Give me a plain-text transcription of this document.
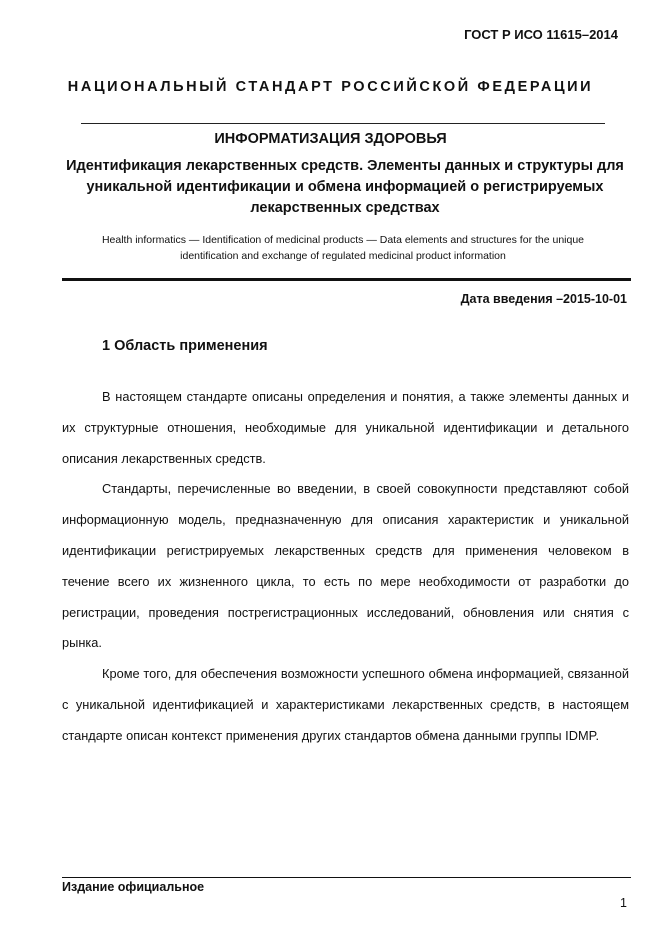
ГОСТ Р ИСО 11615–2014
НАЦИОНАЛЬНЫЙ СТАНДАРТ РОССИЙСКОЙ ФЕДЕРАЦИИ
ИНФОРМАТИЗАЦИЯ ЗДОРОВЬЯ
Идентификация лекарственных средств. Элементы данных и структуры для уникальной идентификации и обмена информацией о регистрируемых лекарственных средствах
Health informatics — Identification of medicinal products — Data elements and structures for the unique identification and exchange of regulated medicinal product information
Дата введения –2015-10-01
1 Область применения

В настоящем стандарте описаны определения и понятия, а также элементы данных и их структурные отношения, необходимые для уникальной идентификации и детального описания лекарственных средств.

Стандарты, перечисленные во введении, в своей совокупности представляют собой информационную модель, предназначенную для описания характеристик и уникальной идентификации регистрируемых лекарственных средств для применения человеком в течение всего их жизненного цикла, то есть по мере необходимости от разработки до регистрации, проведения пострегистрационных исследований, обновления или снятия с рынка.

Кроме того, для обеспечения возможности успешного обмена информацией, связанной с уникальной идентификацией и характеристиками лекарственных средств, в настоящем стандарте описан контекст применения других стандартов обмена данными группы IDMP.

Издание официальное
1
